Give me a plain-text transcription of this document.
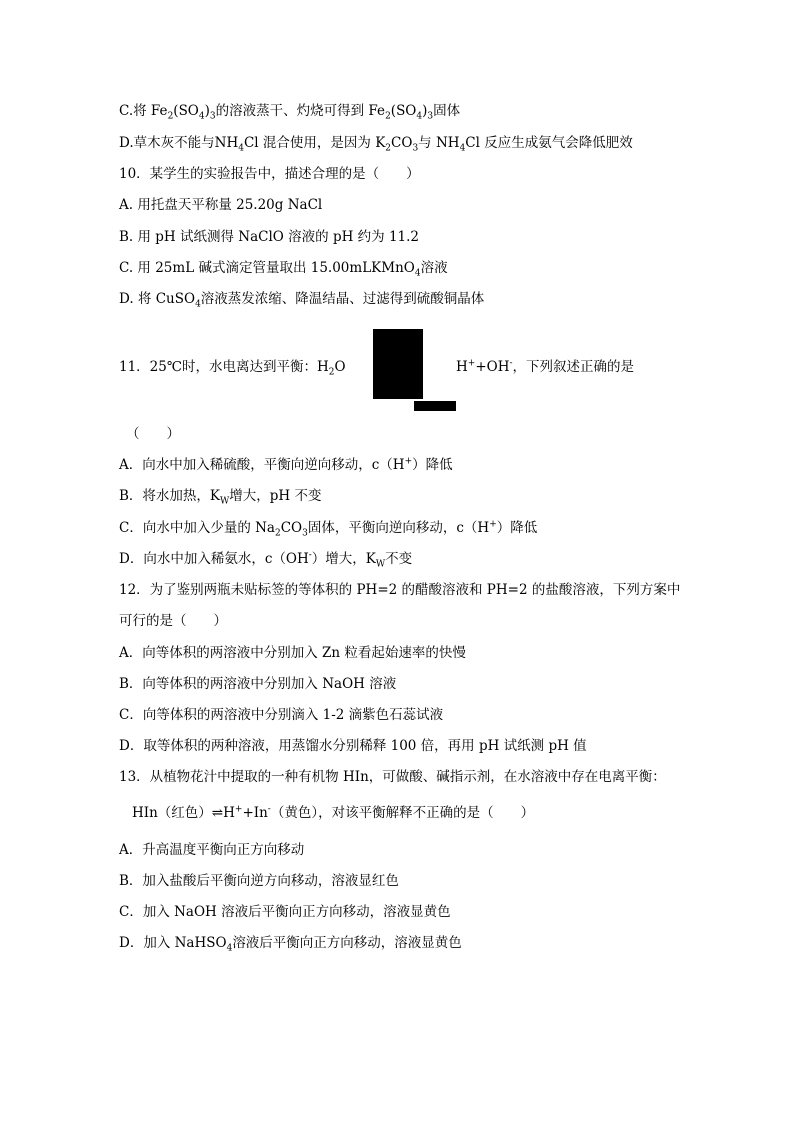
C.将 $Fe_2(SO_4)_3$的溶液蒸干、灼烧可得到 $Fe_2(SO_4)_3$固体
D.草木灰不能与$NH_4Cl$ 混合使用，是因为 $K_2CO_3$与 $NH_4Cl$ 反应生成氨气会降低肥效
10．某学生的实验报告中，描述合理的是（　　）
A. 用托盘天平称量 25.20g NaCl
B. 用 pH 试纸测得 NaClO 溶液的 pH 约为 11.2
C. 用 25mL 碱式滴定管量取出 15.00mLKMnO$_4$溶液
D. 将 CuSO$_4$溶液蒸发浓缩、降温结晶、过滤得到硫酸铜晶体
11．25℃时，水电离达到平衡：$H_2O$	H++OH-，下列叙述正确的是
（　　）
A．向水中加入稀硫酸，平衡向逆向移动，c（H+）降低
B．将水加热，$K_W$增大，pH 不变
C．向水中加入少量的 $Na_2CO_3$固体，平衡向逆向移动，c（H+）降低
D．向水中加入稀氨水，c（OH-）增大，$K_W$不变
12．为了鉴别两瓶未贴标签的等体积的 PH=2 的醋酸溶液和 PH=2 的盐酸溶液，下列方案中
可行的是（　　）
A．向等体积的两溶液中分别加入 Zn 粒看起始速率的快慢
B．向等体积的两溶液中分别加入 NaOH 溶液
C．向等体积的两溶液中分别滴入 1-2 滴紫色石蕊试液
D．取等体积的两种溶液，用蒸馏水分别稀释 100 倍，再用 pH 试纸测 pH 值
13．从植物花汁中提取的一种有机物 HIn，可做酸、碱指示剂，在水溶液中存在电离平衡：
HIn（红色）⇌H++In-（黄色），对该平衡解释不正确的是（　　）
A．升高温度平衡向正方向移动
B．加入盐酸后平衡向逆方向移动，溶液显红色
C．加入 NaOH 溶液后平衡向正方向移动，溶液显黄色
D．加入 NaHSO$_4$溶液后平衡向正方向移动，溶液显黄色
